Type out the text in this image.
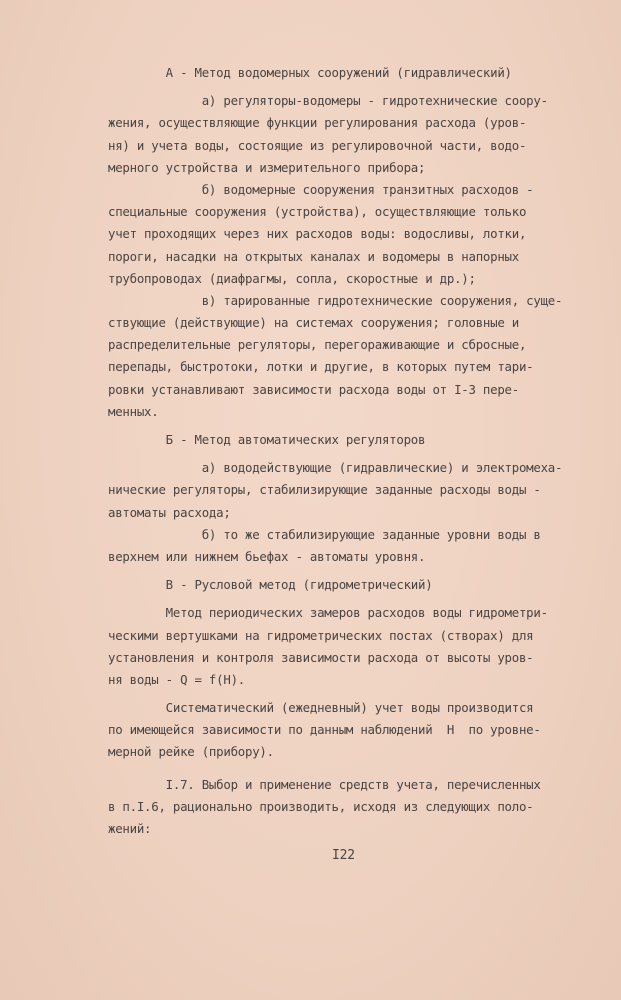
А - Метод водомерных сооружений (гидравлический)
а) регуляторы-водомеры - гидротехнические соору-
жения, осуществляющие функции регулирования расхода (уров-
ня) и учета воды, состоящие из регулировочной части, водо-
мерного устройства и измерительного прибора;
б) водомерные сооружения транзитных расходов -
специальные сооружения (устройства), осуществляющие только
учет проходящих через них расходов воды: водосливы, лотки,
пороги, насадки на открытых каналах и водомеры в напорных
трубопроводах (диафрагмы, сопла, скоростные и др.);
в) тарированные гидротехнические сооружения, суще-
ствующие (действующие) на системах сооружения; головные и
распределительные регуляторы, перегораживающие и сбросные,
перепады, быстротоки, лотки и другие, в которых путем тари-
ровки устанавливают зависимости расхода воды от I-3 пере-
менных.
Б - Метод автоматических регуляторов
а) вододействующие (гидравлические) и электромеха-
нические регуляторы, стабилизирующие заданные расходы воды -
автоматы расхода;
б) то же стабилизирующие заданные уровни воды в
верхнем или нижнем бьефах - автоматы уровня.
В - Русловой метод (гидрометрический)
Метод периодических замеров расходов воды гидрометри-
ческими вертушками на гидрометрических постах (створах) для
установления и контроля зависимости расхода от высоты уров-
ня воды - Q = f(H).
Систематический (ежедневный) учет воды производится
по имеющейся зависимости по данным наблюдений  H  по уровне-
мерной рейке (прибору).
I.7. Выбор и применение средств учета, перечисленных
в п.I.6, рационально производить, исходя из следующих поло-
жений:
I22
